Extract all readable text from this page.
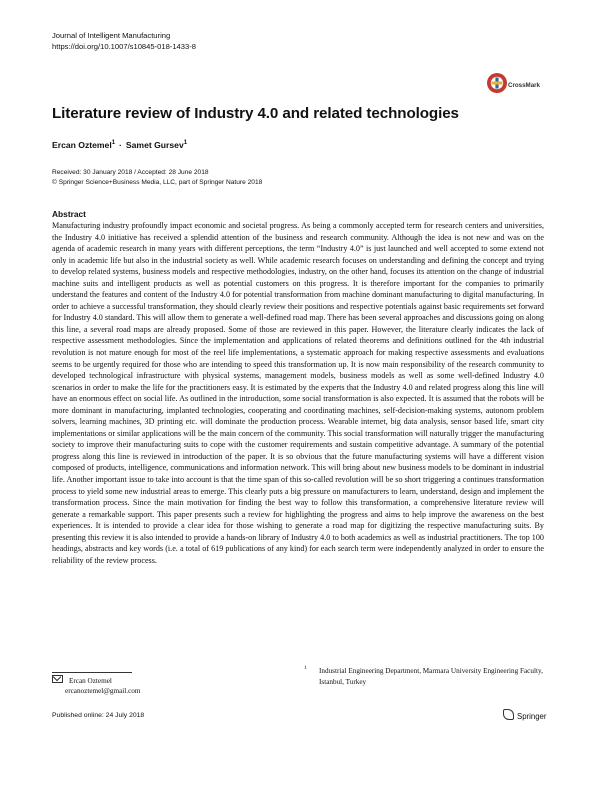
Journal of Intelligent Manufacturing
https://doi.org/10.1007/s10845-018-1433-8
CrossMark
Literature review of Industry 4.0 and related technologies
Ercan Oztemel$^1$ · Samet Gursev$^1$
Received: 30 January 2018 / Accepted: 28 June 2018
© Springer Science+Business Media, LLC, part of Springer Nature 2018
Abstract
Manufacturing industry profoundly impact economic and societal progress. As being a commonly accepted term for research centers and universities, the Industry 4.0 initiative has received a splendid attention of the business and research community. Although the idea is not new and was on the agenda of academic research in many years with different perceptions, the term “Industry 4.0” is just launched and well accepted to some extend not only in academic life but also in the industrial society as well. While academic research focuses on understanding and defining the concept and trying to develop related systems, business models and respective methodologies, industry, on the other hand, focuses its attention on the change of industrial machine suits and intelligent products as well as potential customers on this progress. It is therefore important for the companies to primarily understand the features and content of the Industry 4.0 for potential transformation from machine dominant manufacturing to digital manufacturing. In order to achieve a successful transformation, they should clearly review their positions and respective potentials against basic requirements set forward for Industry 4.0 standard. This will allow them to generate a well-defined road map. There has been several approaches and discussions going on along this line, a several road maps are already proposed. Some of those are reviewed in this paper. However, the literature clearly indicates the lack of respective assessment methodologies. Since the implementation and applications of related theorems and definitions outlined for the 4th industrial revolution is not mature enough for most of the reel life implementations, a systematic approach for making respective assessments and evaluations seems to be urgently required for those who are intending to speed this transformation up. It is now main responsibility of the research community to developed technological infrastructure with physical systems, management models, business models as well as some well-defined Industry 4.0 scenarios in order to make the life for the practitioners easy. It is estimated by the experts that the Industry 4.0 and related progress along this line will have an enormous effect on social life. As outlined in the introduction, some social transformation is also expected. It is assumed that the robots will be more dominant in manufacturing, implanted technologies, cooperating and coordinating machines, self-decision-making systems, autonom problem solvers, learning machines, 3D printing etc. will dominate the production process. Wearable internet, big data analysis, sensor based life, smart city implementations or similar applications will be the main concern of the community. This social transformation will naturally trigger the manufacturing society to improve their manufacturing suits to cope with the customer requirements and sustain competitive advantage. A summary of the potential progress along this line is reviewed in introduction of the paper. It is so obvious that the future manufacturing systems will have a different vision composed of products, intelligence, communications and information network. This will bring about new business models to be dominant in industrial life. Another important issue to take into account is that the time span of this so-called revolution will be so short triggering a continues transformation process to yield some new industrial areas to emerge. This clearly puts a big pressure on manufacturers to learn, understand, design and implement the transformation process. Since the main motivation for finding the best way to follow this transformation, a comprehensive literature review will generate a remarkable support. This paper presents such a review for highlighting the progress and aims to help improve the awareness on the best experiences. It is intended to provide a clear idea for those wishing to generate a road map for digitizing the respective manufacturing suits. By presenting this review it is also intended to provide a hands-on library of Industry 4.0 to both academics as well as industrial practitioners. The top 100 headings, abstracts and key words (i.e. a total of 619 publications of any kind) for each search term were independently analyzed in order to ensure the reliability of the review process.
Ercan Oztemel
ercanoztemel@gmail.com
1 Industrial Engineering Department, Marmara University Engineering Faculty, Istanbul, Turkey
Published online: 24 July 2018	Springer
